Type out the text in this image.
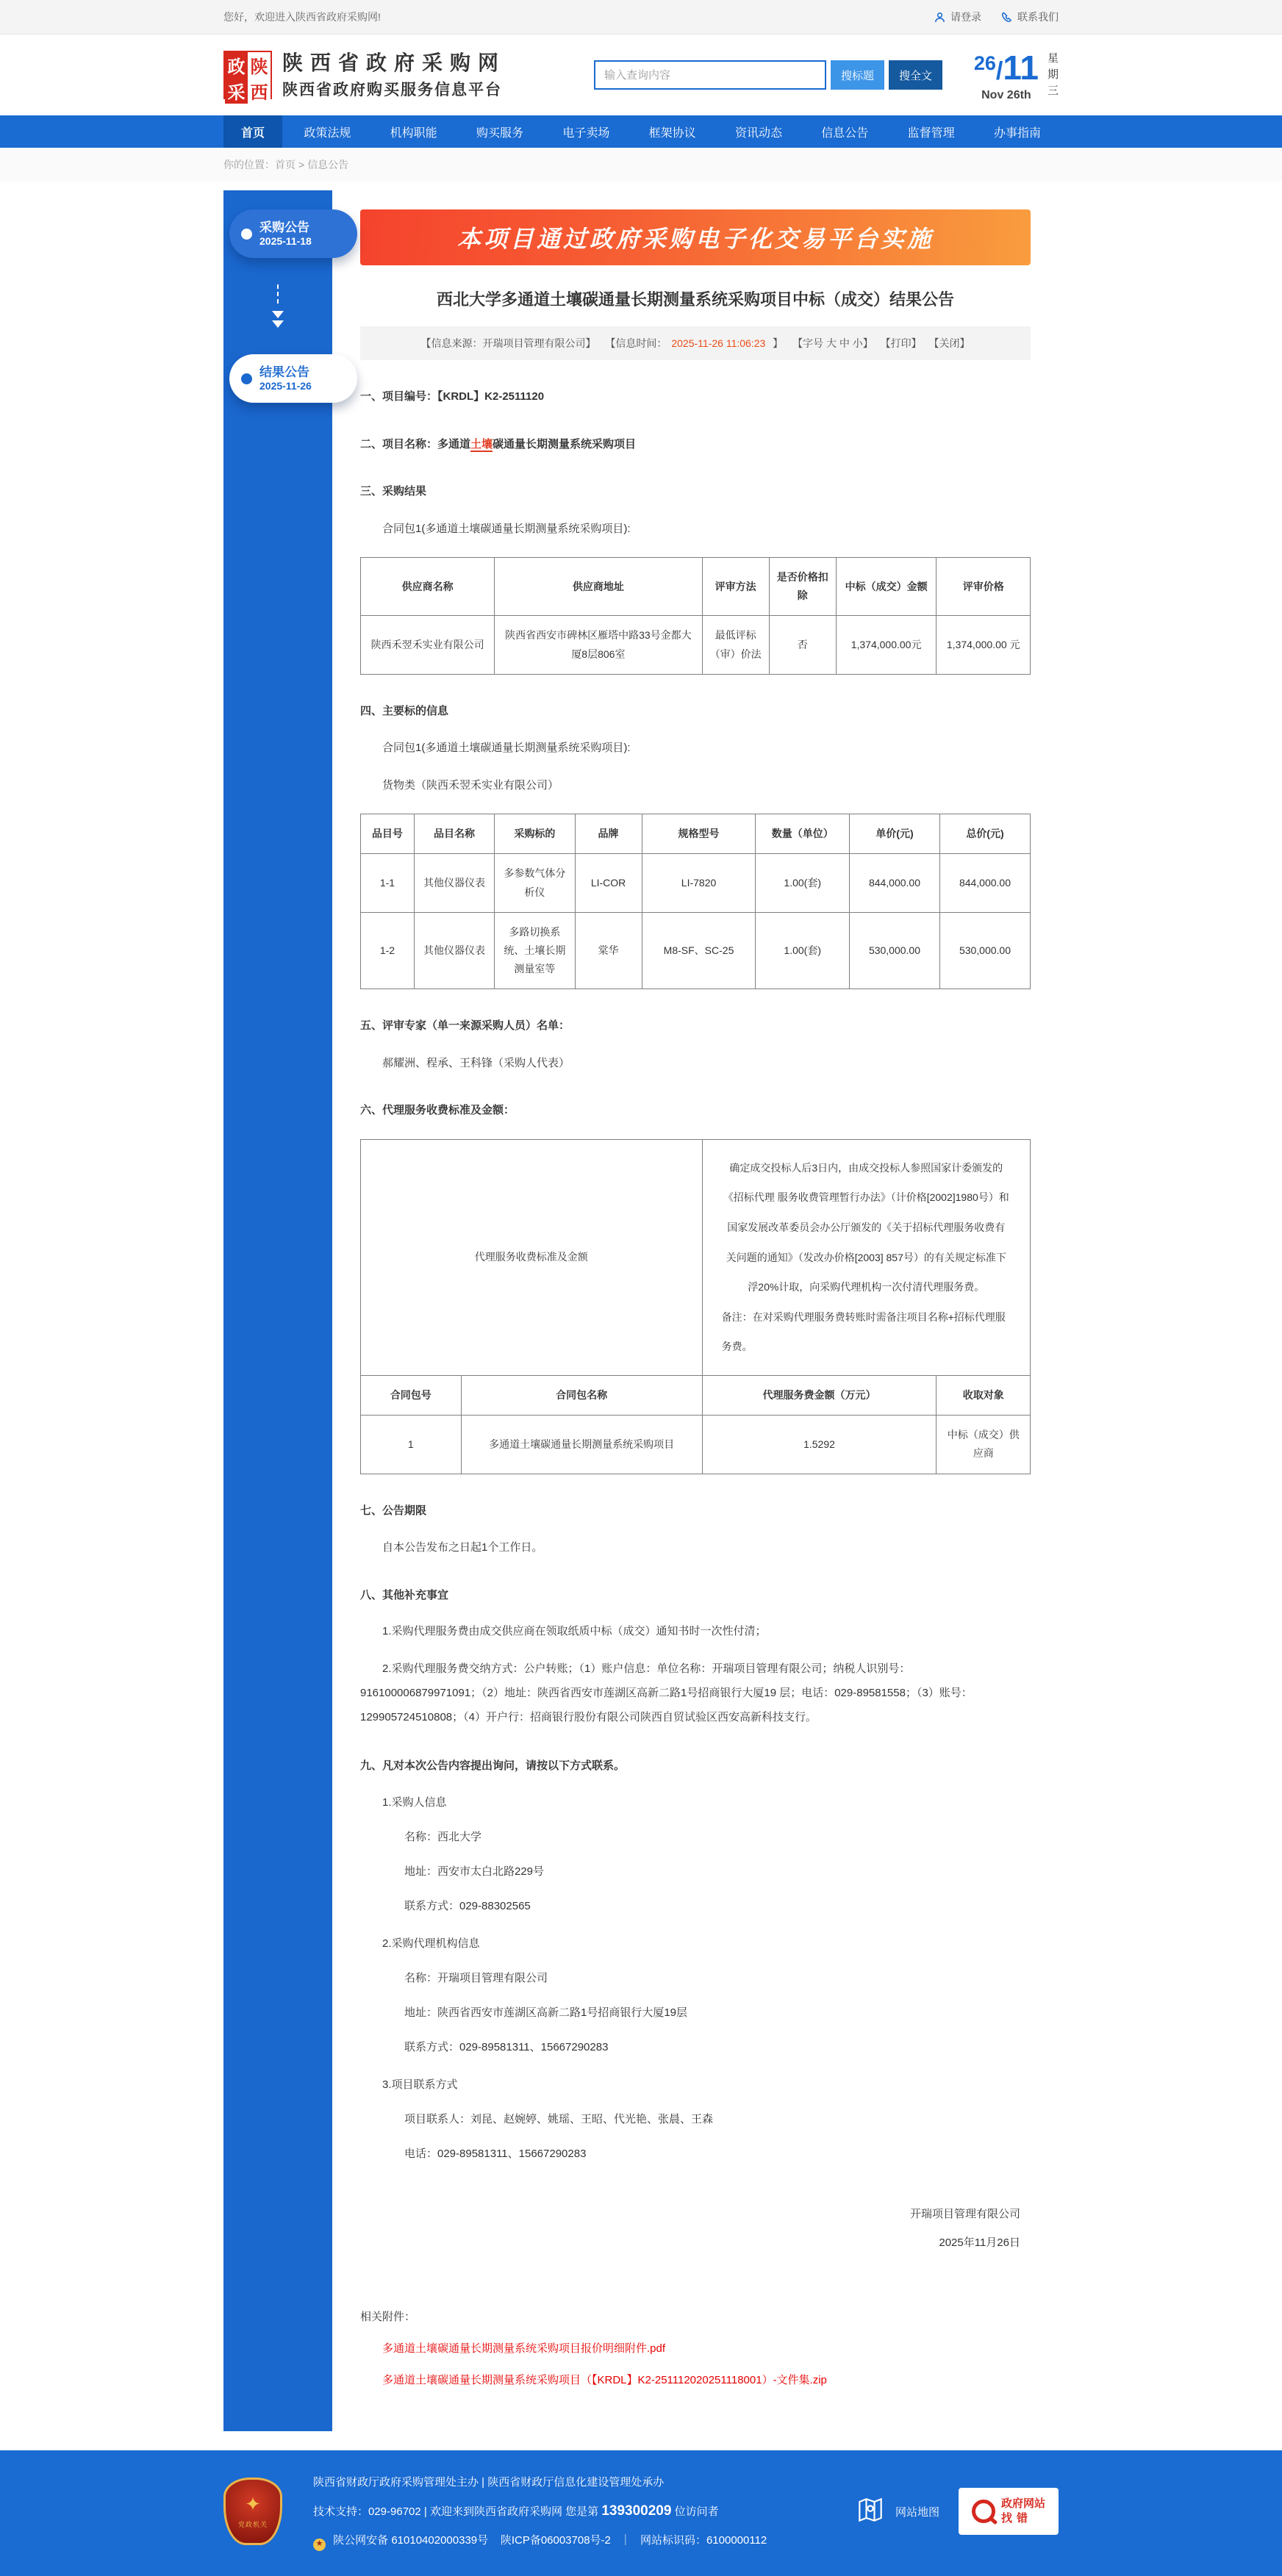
您好，欢迎进入陕西省政府采购网!	请登录	联系我们
政 陕
采 西
陕西省政府采购网
陕西省政府购买服务信息平台
输入查询内容
搜标题	搜全文
26/11
Nov 26th
星
期
三
首页	政策法规	机构职能	购买服务	电子卖场	框架协议	资讯动态	信息公告	监督管理	办事指南
你的位置： 首页 > 信息公告
采购公告
2025-11-18
结果公告
2025-11-26
本项目通过政府采购电子化交易平台实施
西北大学多通道土壤碳通量长期测量系统采购项目中标（成交）结果公告
【信息来源：开瑞项目管理有限公司】 【信息时间： 2025-11-26 11:06:23 】 【字号 大 中 小】 【打印】 【关闭】

一、项目编号：【KRDL】K2-2511120

二、项目名称：多通道土壤碳通量长期测量系统采购项目

三、采购结果

合同包1(多通道土壤碳通量长期测量系统采购项目):

供应商名称	供应商地址	评审方法	是否价格扣除	中标（成交）金额	评审价格
陕西禾翌禾实业有限公司	陕西省西安市碑林区雁塔中路33号金都大厦8层806室	最低评标（审）价法	否	1,374,000.00元	1,374,000.00 元

四、主要标的信息

合同包1(多通道土壤碳通量长期测量系统采购项目):

货物类（陕西禾翌禾实业有限公司）

品目号	品目名称	采购标的	品牌	规格型号	数量（单位）	单价(元)	总价(元)
1-1	其他仪器仪表	多参数气体分析仪	LI-COR	LI-7820	1.00(套)	844,000.00	844,000.00
1-2	其他仪器仪表	多路切换系统、土壤长期测量室等	棠华	M8-SF、SC-25	1.00(套)	530,000.00	530,000.00

五、评审专家（单一来源采购人员）名单：

郝耀洲、程承、王科锋（采购人代表）

六、代理服务收费标准及金额：

代理服务收费标准及金额		确定成交投标人后3日内，由成交投标人参照国家计委颁发的《招标代理 服务收费管理暂行办法》（计价格[2002]1980号）和国家发展改革委员会办公厅颁发的《关于招标代理服务收费有 关问题的通知》（发改办价格[2003] 857号）的有关规定标准下浮20%计取，向采购代理机构一次付清代理服务费。

备注：在对采购代理服务费转账时需备注项目名称+招标代理服务费。	

合同包号	合同包名称	代理服务费金额（万元）	收取对象
1	多通道土壤碳通量长期测量系统采购项目	1.5292	中标（成交）供应商

七、公告期限

自本公告发布之日起1个工作日。

八、其他补充事宜

1.采购代理服务费由成交供应商在领取纸质中标（成交）通知书时一次性付清；

2.采购代理服务费交纳方式：公户转账；（1）账户信息：单位名称：开瑞项目管理有限公司；纳税人识别号：916100006879971091；（2）地址：陕西省西安市莲湖区高新二路1号招商银行大厦19 层；电话：029-89581558；（3）账号：129905724510808；（4）开户行：招商银行股份有限公司陕西自贸试验区西安高新科技支行。

九、凡对本次公告内容提出询问，请按以下方式联系。

1.采购人信息

名称：西北大学

地址：西安市太白北路229号

联系方式：029-88302565

2.采购代理机构信息

名称：开瑞项目管理有限公司

地址：陕西省西安市莲湖区高新二路1号招商银行大厦19层

联系方式：029-89581311、15667290283

3.项目联系方式

项目联系人：刘昆、赵婉婷、姚瑶、王昭、代光艳、张晨、王森

电话：029-89581311、15667290283

开瑞项目管理有限公司
2025年11月26日
相关附件：
多通道土壤碳通量长期测量系统采购项目报价明细附件.pdf
多通道土壤碳通量长期测量系统采购项目（【KRDL】K2-251112020251118001）-文件集.zip
✦
党政机关
陕西省财政厅政府采购管理处主办 | 陕西省财政厅信息化建设管理处承办
技术支持：029-96702 | 欢迎来到陕西省政府采购网 您是第 139300209 位访问者
★ 陕公网安备 61010402000339号 陕ICP备06003708号-2 ｜ 网站标识码：6100000112
网站地图
政府网站
找错
